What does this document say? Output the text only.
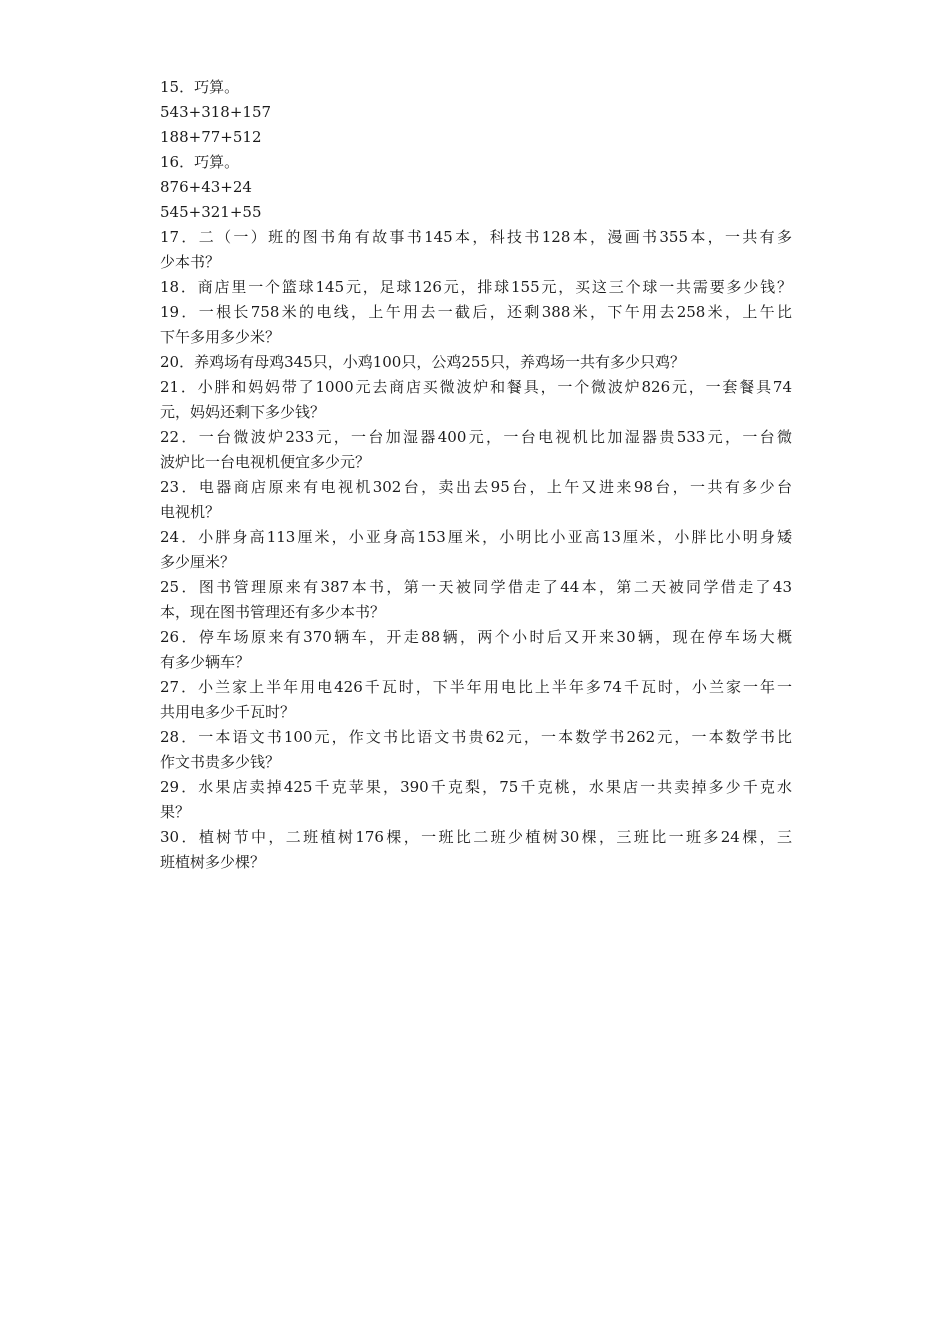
15．巧算。
543+318+157
188+77+512
16．巧算。
876+43+24
545+321+55
17．二（一）班的图书角有故事书145本，科技书128本，漫画书355本，一共有多
少本书？
18．商店里一个篮球145元，足球126元，排球155元，买这三个球一共需要多少钱？
19．一根长758米的电线，上午用去一截后，还剩388米，下午用去258米，上午比
下午多用多少米？
20．养鸡场有母鸡345只，小鸡100只，公鸡255只，养鸡场一共有多少只鸡？
21．小胖和妈妈带了1000元去商店买微波炉和餐具，一个微波炉826元，一套餐具74
元，妈妈还剩下多少钱？
22．一台微波炉233元，一台加湿器400元，一台电视机比加湿器贵533元，一台微
波炉比一台电视机便宜多少元？
23．电器商店原来有电视机302台，卖出去95台，上午又进来98台，一共有多少台
电视机？
24．小胖身高113厘米，小亚身高153厘米，小明比小亚高13厘米，小胖比小明身矮
多少厘米？
25．图书管理原来有387本书，第一天被同学借走了44本，第二天被同学借走了43
本，现在图书管理还有多少本书？
26．停车场原来有370辆车，开走88辆，两个小时后又开来30辆，现在停车场大概
有多少辆车？
27．小兰家上半年用电426千瓦时，下半年用电比上半年多74千瓦时，小兰家一年一
共用电多少千瓦时？
28．一本语文书100元，作文书比语文书贵62元，一本数学书262元，一本数学书比
作文书贵多少钱？
29．水果店卖掉425千克苹果，390千克梨，75千克桃，水果店一共卖掉多少千克水
果？
30．植树节中，二班植树176棵，一班比二班少植树30棵，三班比一班多24棵，三
班植树多少棵？
